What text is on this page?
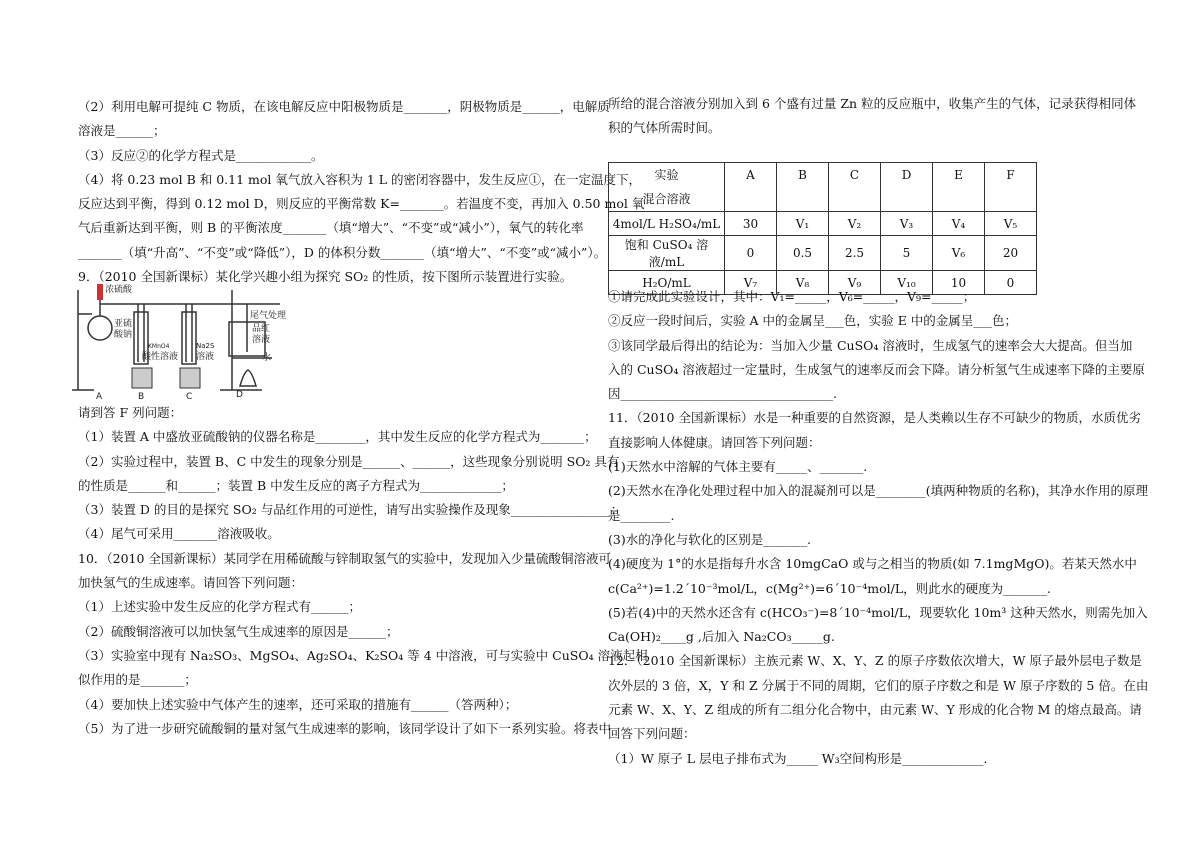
（2）利用电解可提纯 C 物质，在该电解反应中阳极物质是_______，阴极物质是______，电解质
溶液是______；
（3）反应②的化学方程式是____________。
（4）将 0.23 mol B 和 0.11 mol 氧气放入容积为 1 L 的密闭容器中，发生反应①，在一定温度下，
反应达到平衡，得到 0.12 mol D，则反应的平衡常数 K=_______。若温度不变，再加入 0.50 mol 氧
气后重新达到平衡，则 B 的平衡浓度_______（填“增大”、“不变”或“减小”），氧气的转化率
_______（填“升高”、“不变”或“降低”），D 的体积分数_______（填“增大”、“不变”或“减小”）。
9．（2010 全国新课标）某化学兴趣小组为探究 SO₂ 的性质，按下图所示装置进行实验。
浓硫酸
亚硫
酸钠
KMnO4
酸性溶液
Na2S
溶液
尾气处理
品红
溶液
水
A	B	C	D
请到答 F 列问题：
（1）装置 A 中盛放亚硫酸钠的仪器名称是________，其中发生反应的化学方程式为_______；
（2）实验过程中，装置 B、C 中发生的现象分别是______、______，这些现象分别说明 SO₂ 具有
的性质是______和______；装置 B 中发生反应的离子方程式为_____________；
（3）装置 D 的目的是探究 SO₂ 与品红作用的可逆性，请写出实验操作及现象________________；
（4）尾气可采用_______溶液吸收。
10．（2010 全国新课标）某同学在用稀硫酸与锌制取氢气的实验中，发现加入少量硫酸铜溶液可
加快氢气的生成速率。请回答下列问题：
（1）上述实验中发生反应的化学方程式有______；
（2）硫酸铜溶液可以加快氢气生成速率的原因是______；
（3）实验室中现有 Na₂SO₃、MgSO₄、Ag₂SO₄、K₂SO₄ 等 4 中溶液，可与实验中 CuSO₄ 溶液起相
似作用的是_______；
（4）要加快上述实验中气体产生的速率，还可采取的措施有______（答两种）；
（5）为了进一步研究硫酸铜的量对氢气生成速率的影响，该同学设计了如下一系列实验。将表中
所给的混合溶液分别加入到 6 个盛有过量 Zn 粒的反应瓶中，收集产生的气体，记录获得相同体
积的气体所需时间。
实验
混合溶液	A	B	C	D	E	F
4mol/L H₂SO₄/mL	30	V₁	V₂	V₃	V₄	V₅
饱和 CuSO₄ 溶液/mL	0	0.5	2.5	5	V₆	20
H₂O/mL	V₇	V₈	V₉	V₁₀	10	0
①请完成此实验设计，其中：V₁=_____，V₆=_____，V₉=_____；
②反应一段时间后，实验 A 中的金属呈___色，实验 E 中的金属呈___色；
③该同学最后得出的结论为：当加入少量 CuSO₄ 溶液时，生成氢气的速率会大大提高。但当加
入的 CuSO₄ 溶液超过一定量时，生成氢气的速率反而会下降。请分析氢气生成速率下降的主要原
因__________________________________.
11．（2010 全国新课标）水是一种重要的自然资源，是人类赖以生存不可缺少的物质，水质优劣
直接影响人体健康。请回答下列问题：
(1)天然水中溶解的气体主要有_____、_______.
(2)天然水在净化处理过程中加入的混凝剂可以是________(填两种物质的名称)，其净水作用的原理
是________.
(3)水的净化与软化的区别是_______.
(4)硬度为 1°的水是指每升水含 10mgCaO 或与之相当的物质(如 7.1mgMgO)。若某天然水中
c(Ca²⁺)=1.2´10⁻³mol/L，c(Mg²⁺)=6´10⁻⁴mol/L，则此水的硬度为_______.
(5)若(4)中的天然水还含有 c(HCO₃⁻)=8´10⁻⁴mol/L，现要软化 10m³ 这种天然水，则需先加入
Ca(OH)₂____g ,后加入 Na₂CO₃_____g.
12．（2010 全国新课标）主族元素 W、X、Y、Z 的原子序数依次增大，W 原子最外层电子数是
次外层的 3 倍，X，Y 和 Z 分属于不同的周期，它们的原子序数之和是 W 原子序数的 5 倍。在由
元素 W、X、Y、Z 组成的所有二组分化合物中，由元素 W、Y 形成的化合物 M 的熔点最高。请
回答下列问题：
（1）W 原子 L 层电子排布式为_____ W₃空间构形是_____________.
